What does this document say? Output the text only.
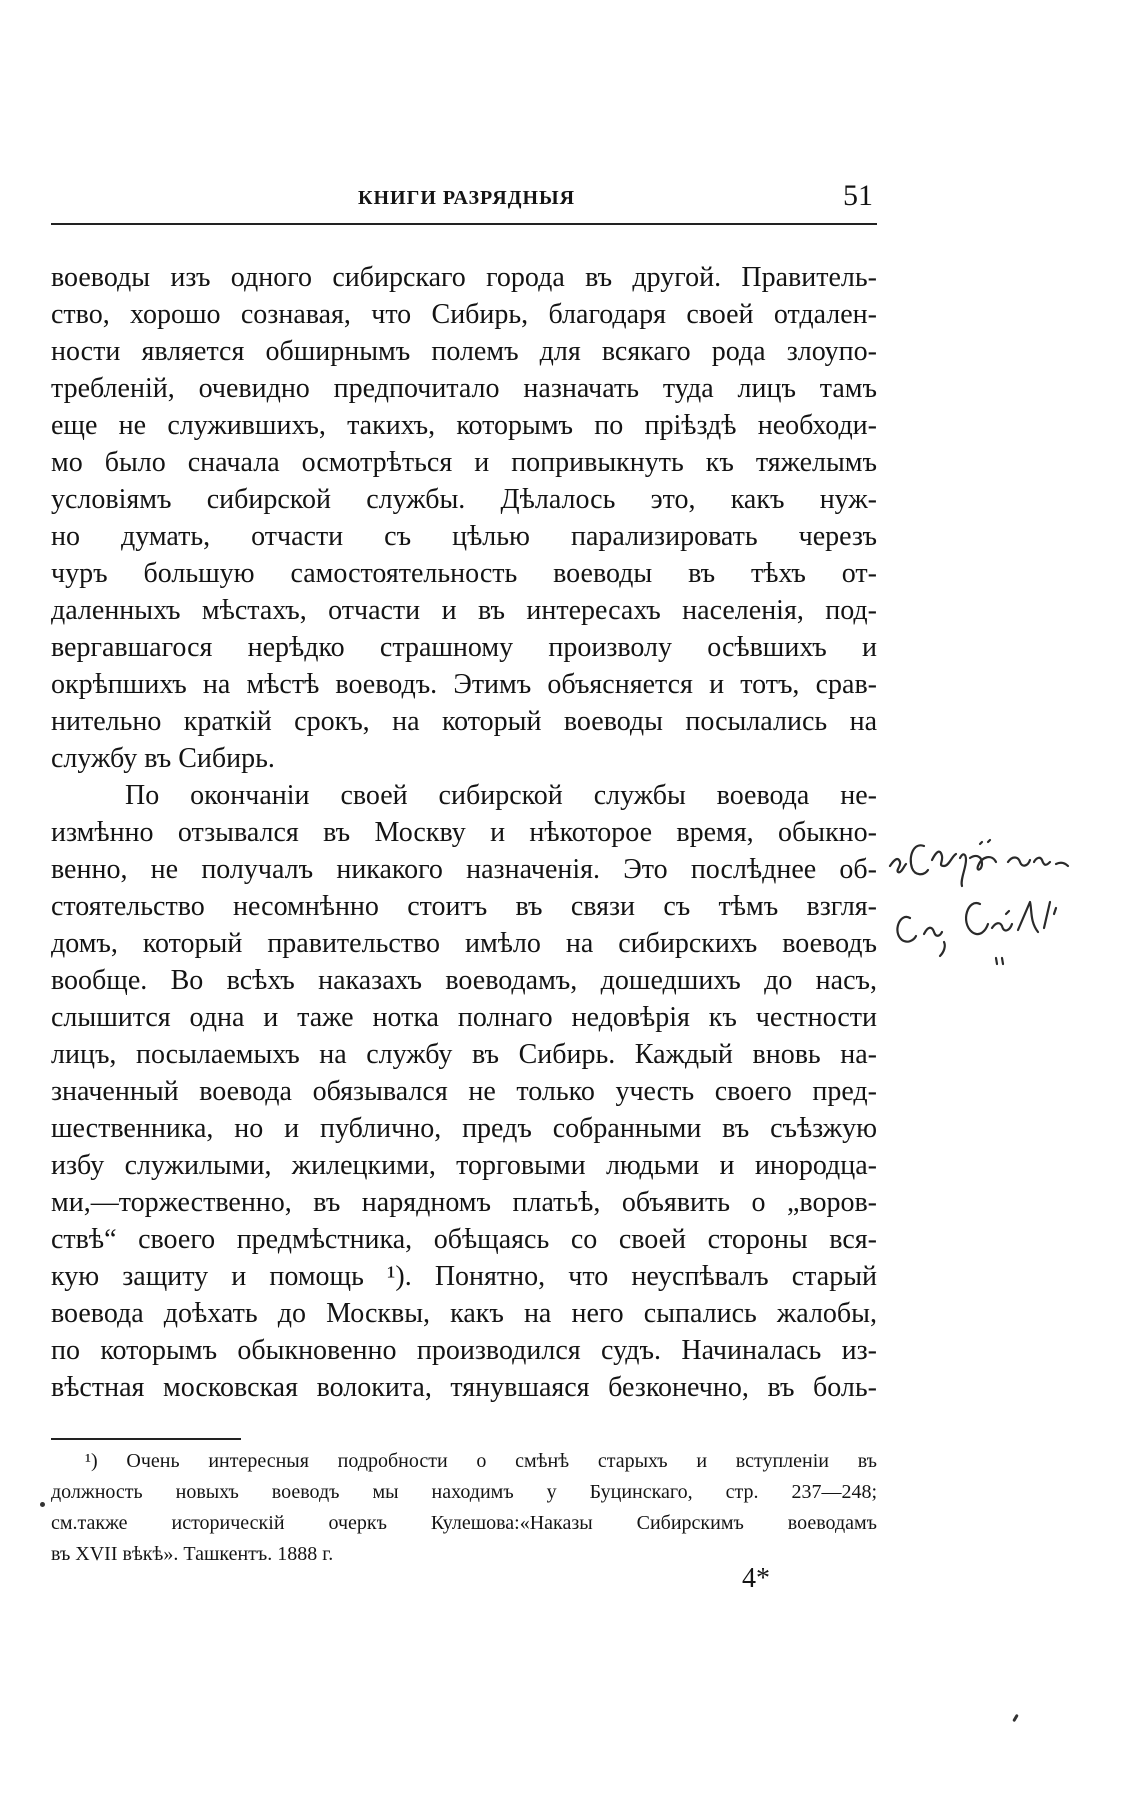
КНИГИ РАЗРЯДНЫЯ	51
воеводы изъ одного сибирскаго города въ другой. Правитель-
ство, хорошо сознавая, что Сибирь, благодаря своей отдален-
ности является обширнымъ полемъ для всякаго рода злоупо-
требленій, очевидно предпочитало назначать туда лицъ тамъ
еще не служившихъ, такихъ, которымъ по пріѣздѣ необходи-
мо было сначала осмотрѣться и попривыкнуть къ тяжелымъ
условіямъ сибирской службы. Дѣлалось это, какъ нуж-
но думать, отчасти съ цѣлью парализировать черезъ
чуръ большую самостоятельность воеводы въ тѣхъ от-
даленныхъ мѣстахъ, отчасти и въ интересахъ населенія, под-
вергавшагося нерѣдко страшному произволу осѣвшихъ и
окрѣпшихъ на мѣстѣ воеводъ. Этимъ объясняется и тотъ, срав-
нительно краткій срокъ, на который воеводы посылались на
службу въ Сибирь.
По окончаніи своей сибирской службы воевода не-
измѣнно отзывался въ Москву и нѣкоторое время, обыкно-
венно, не получалъ никакого назначенія. Это послѣднее об-
стоятельство несомнѣнно стоитъ въ связи съ тѣмъ взгля-
домъ, который правительство имѣло на сибирскихъ воеводъ
вообще. Во всѣхъ наказахъ воеводамъ, дошедшихъ до насъ,
слышится одна и таже нотка полнаго недовѣрія къ честности
лицъ, посылаемыхъ на службу въ Сибирь. Каждый вновь на-
значенный воевода обязывался не только учесть своего пред-
шественника, но и публично, предъ собранными въ съѣзжую
избу служилыми, жилецкими, торговыми людьми и инородца-
ми,—торжественно, въ нарядномъ платьѣ, объявить о „воров-
ствѣ“ своего предмѣстника, обѣщаясь со своей стороны вся-
кую защиту и помощь ¹). Понятно, что неуспѣвалъ старый
воевода доѣхать до Москвы, какъ на него сыпались жалобы,
по которымъ обыкновенно производился судъ. Начиналась из-
вѣстная московская волокита, тянувшаяся безконечно, въ боль-
¹) Очень интересныя подробности о смѣнѣ старыхъ и вступленіи въ
должность новыхъ воеводъ мы находимъ у Буцинскаго, стр. 237—248;
см.также историческій очеркъ Кулешова:«Наказы Сибирскимъ воеводамъ
въ XVII вѣкѣ». Ташкентъ. 1888 г.
4*
